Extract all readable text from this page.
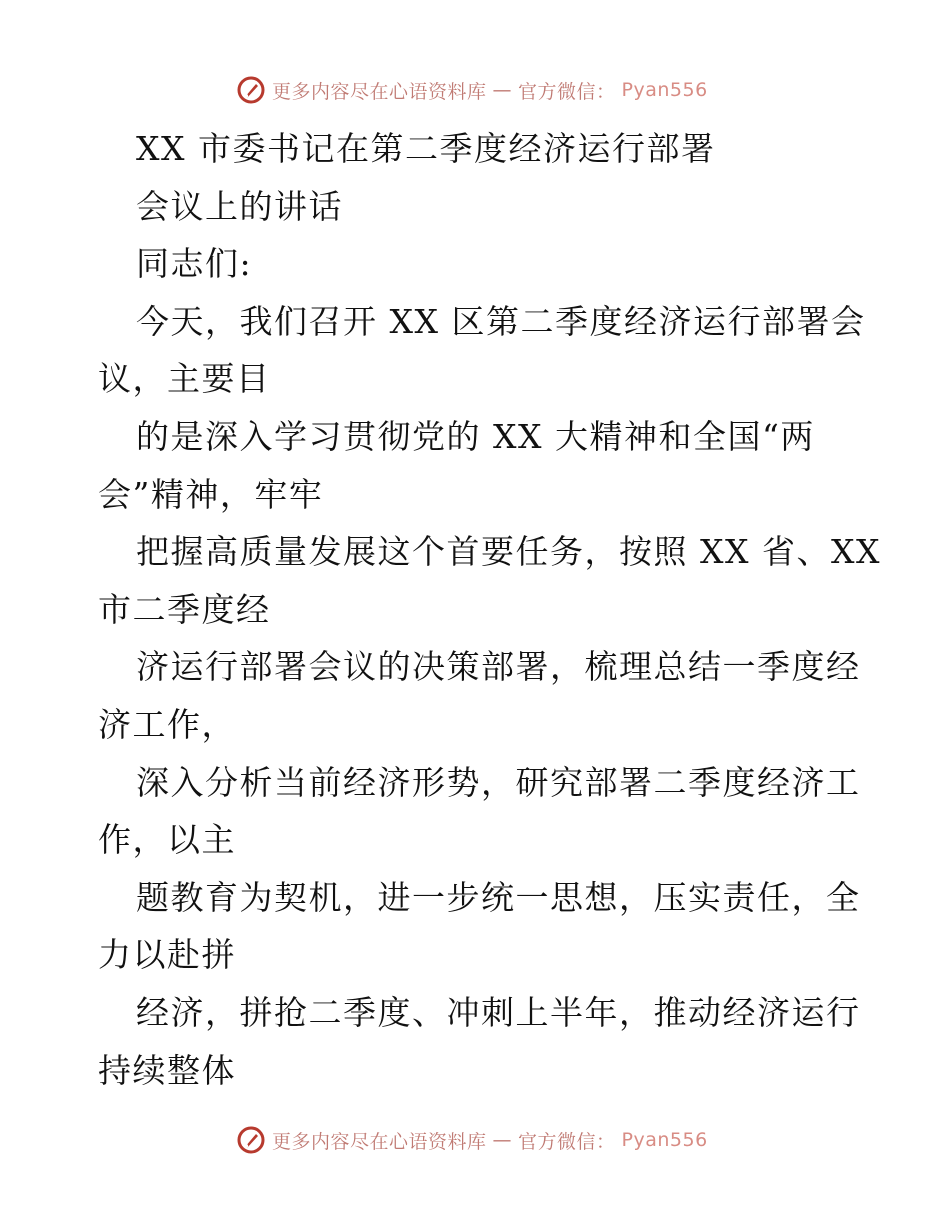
更多内容尽在心语资料库 — 官方微信： Pyan556
XX 市委书记在第二季度经济运行部署
会议上的讲话
同志们:
今天，我们召开 XX 区第二季度经济运行部署会
议，主要目
的是深入学习贯彻党的 XX 大精神和全国“两
会”精神，牢牢
把握高质量发展这个首要任务，按照 XX 省、XX
市二季度经
济运行部署会议的决策部署，梳理总结一季度经
济工作，
深入分析当前经济形势，研究部署二季度经济工
作，以主
题教育为契机，进一步统一思想，压实责任，全
力以赴拼
经济，拼抢二季度、冲刺上半年，推动经济运行
持续整体
更多内容尽在心语资料库 — 官方微信： Pyan556
